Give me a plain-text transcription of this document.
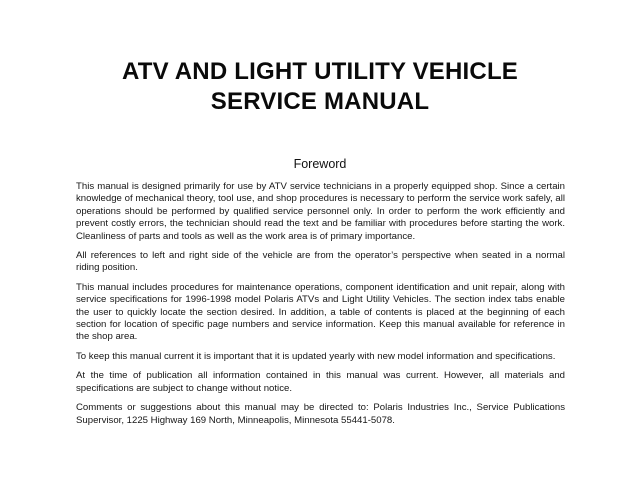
ATV AND LIGHT UTILITY VEHICLE
SERVICE MANUAL
Foreword

This manual is designed primarily for use by ATV service technicians in a properly equipped shop. Since a certain knowledge of mechanical theory, tool use, and shop procedures is necessary to perform the service work safely, all operations should be performed by qualified service personnel only. In order to perform the work efficiently and prevent costly errors, the technician should read the text and be familiar with procedures before starting the work. Cleanliness of parts and tools as well as the work area is of primary importance.

All references to left and right side of the vehicle are from the operator’s perspective when seated in a normal riding position.

This manual includes procedures for maintenance operations, component identification and unit repair, along with service specifications for 1996-1998 model Polaris ATVs and Light Utility Vehicles. The section index tabs enable the user to quickly locate the section desired. In addition, a table of contents is placed at the beginning of each section for location of specific page numbers and service information. Keep this manual available for reference in the shop area.

To keep this manual current it is important that it is updated yearly with new model information and specifications.

At the time of publication all information contained in this manual was current. However, all materials and specifications are subject to change without notice.

Comments or suggestions about this manual may be directed to: Polaris Industries Inc., Service Publications Supervisor, 1225 Highway 169 North, Minneapolis, Minnesota 55441-5078.
